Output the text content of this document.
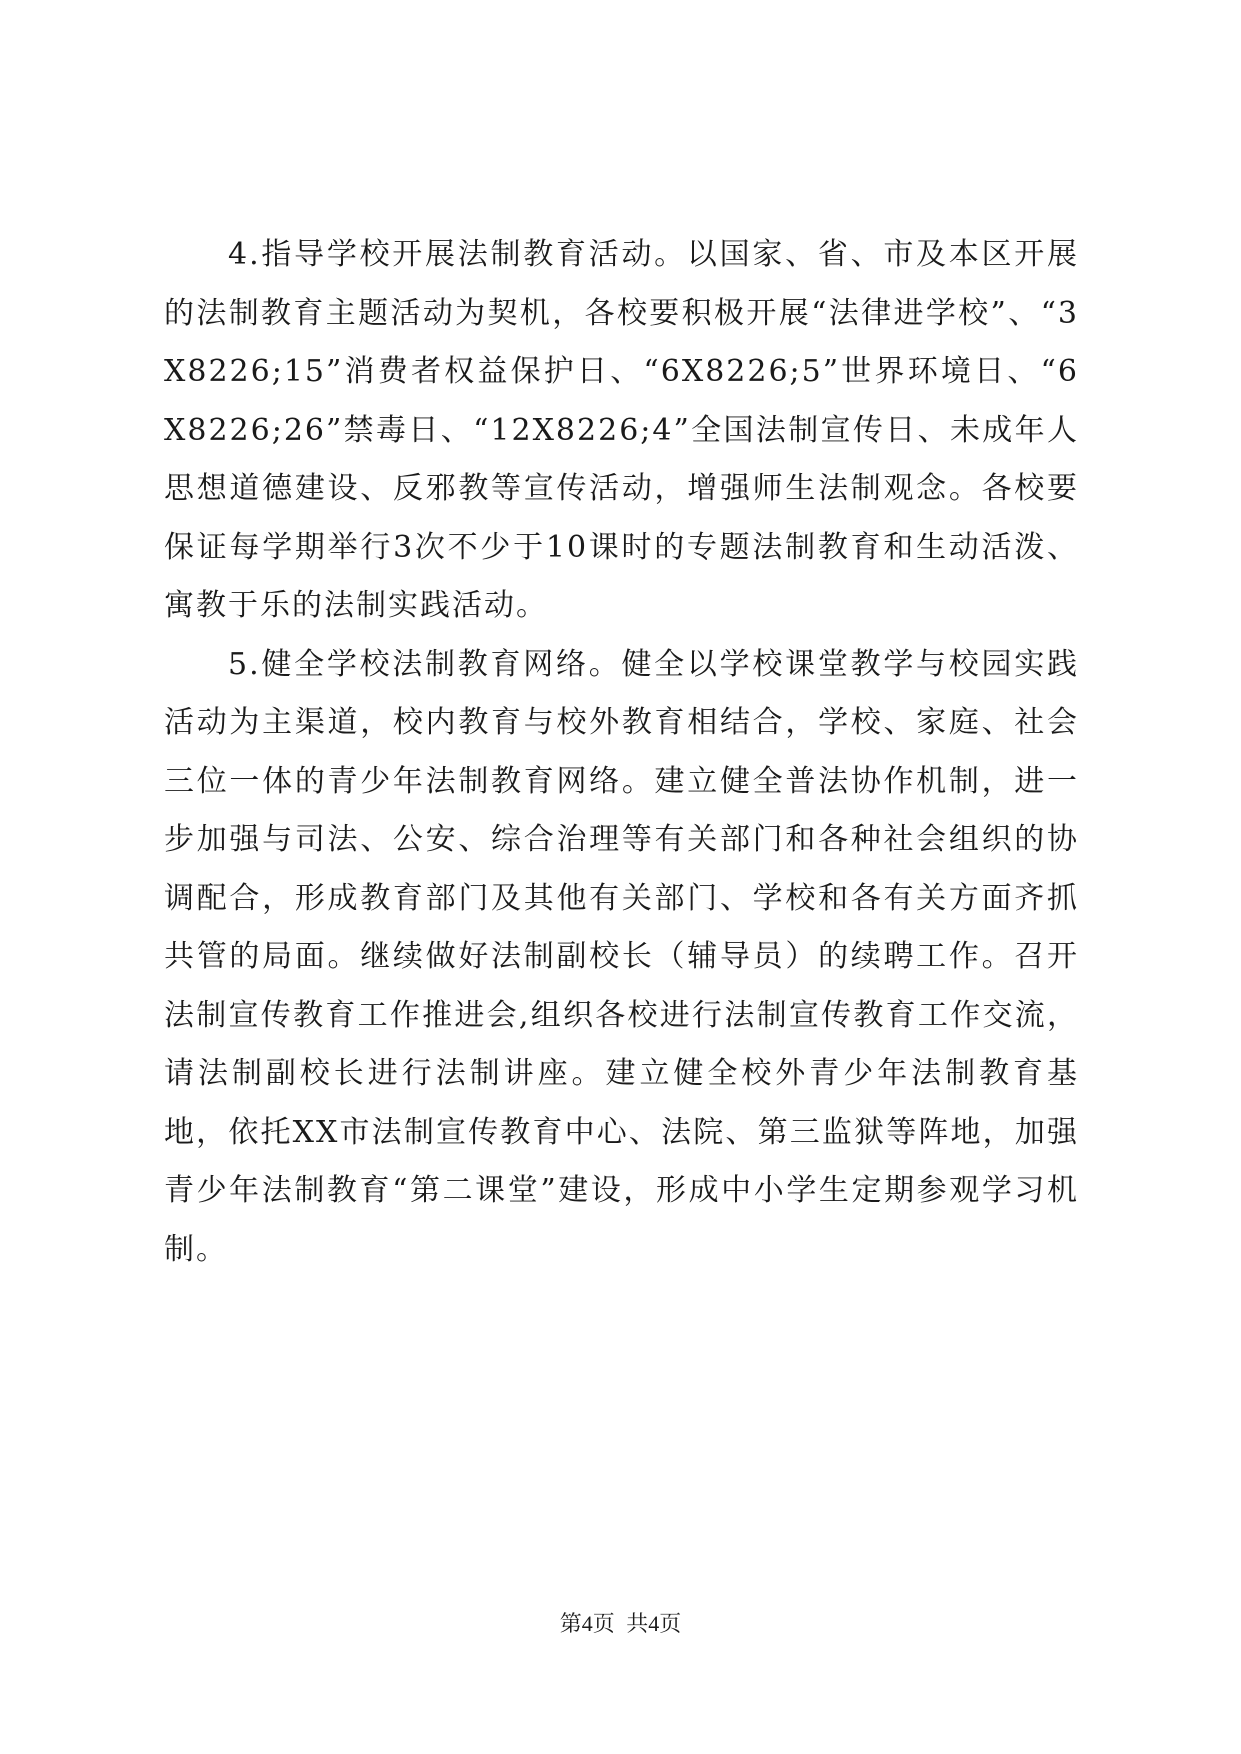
4.指导学校开展法制教育活动。以国家、省、市及本区开展的法制教育主题活动为契机，各校要积极开展“法律进学校”、“3X8226;15”消费者权益保护日、“6X8226;5”世界环境日、“6X8226;26”禁毒日、“12X8226;4”全国法制宣传日、未成年人思想道德建设、反邪教等宣传活动，增强师生法制观念。各校要保证每学期举行3次不少于10课时的专题法制教育和生动活泼、寓教于乐的法制实践活动。

5.健全学校法制教育网络。健全以学校课堂教学与校园实践活动为主渠道，校内教育与校外教育相结合，学校、家庭、社会三位一体的青少年法制教育网络。建立健全普法协作机制，进一步加强与司法、公安、综合治理等有关部门和各种社会组织的协调配合，形成教育部门及其他有关部门、学校和各有关方面齐抓共管的局面。继续做好法制副校长（辅导员）的续聘工作。召开法制宣传教育工作推进会,组织各校进行法制宣传教育工作交流，请法制副校长进行法制讲座。建立健全校外青少年法制教育基地，依托XX市法制宣传教育中心、法院、第三监狱等阵地，加强青少年法制教育“第二课堂”建设，形成中小学生定期参观学习机制。

第4页 共4页
